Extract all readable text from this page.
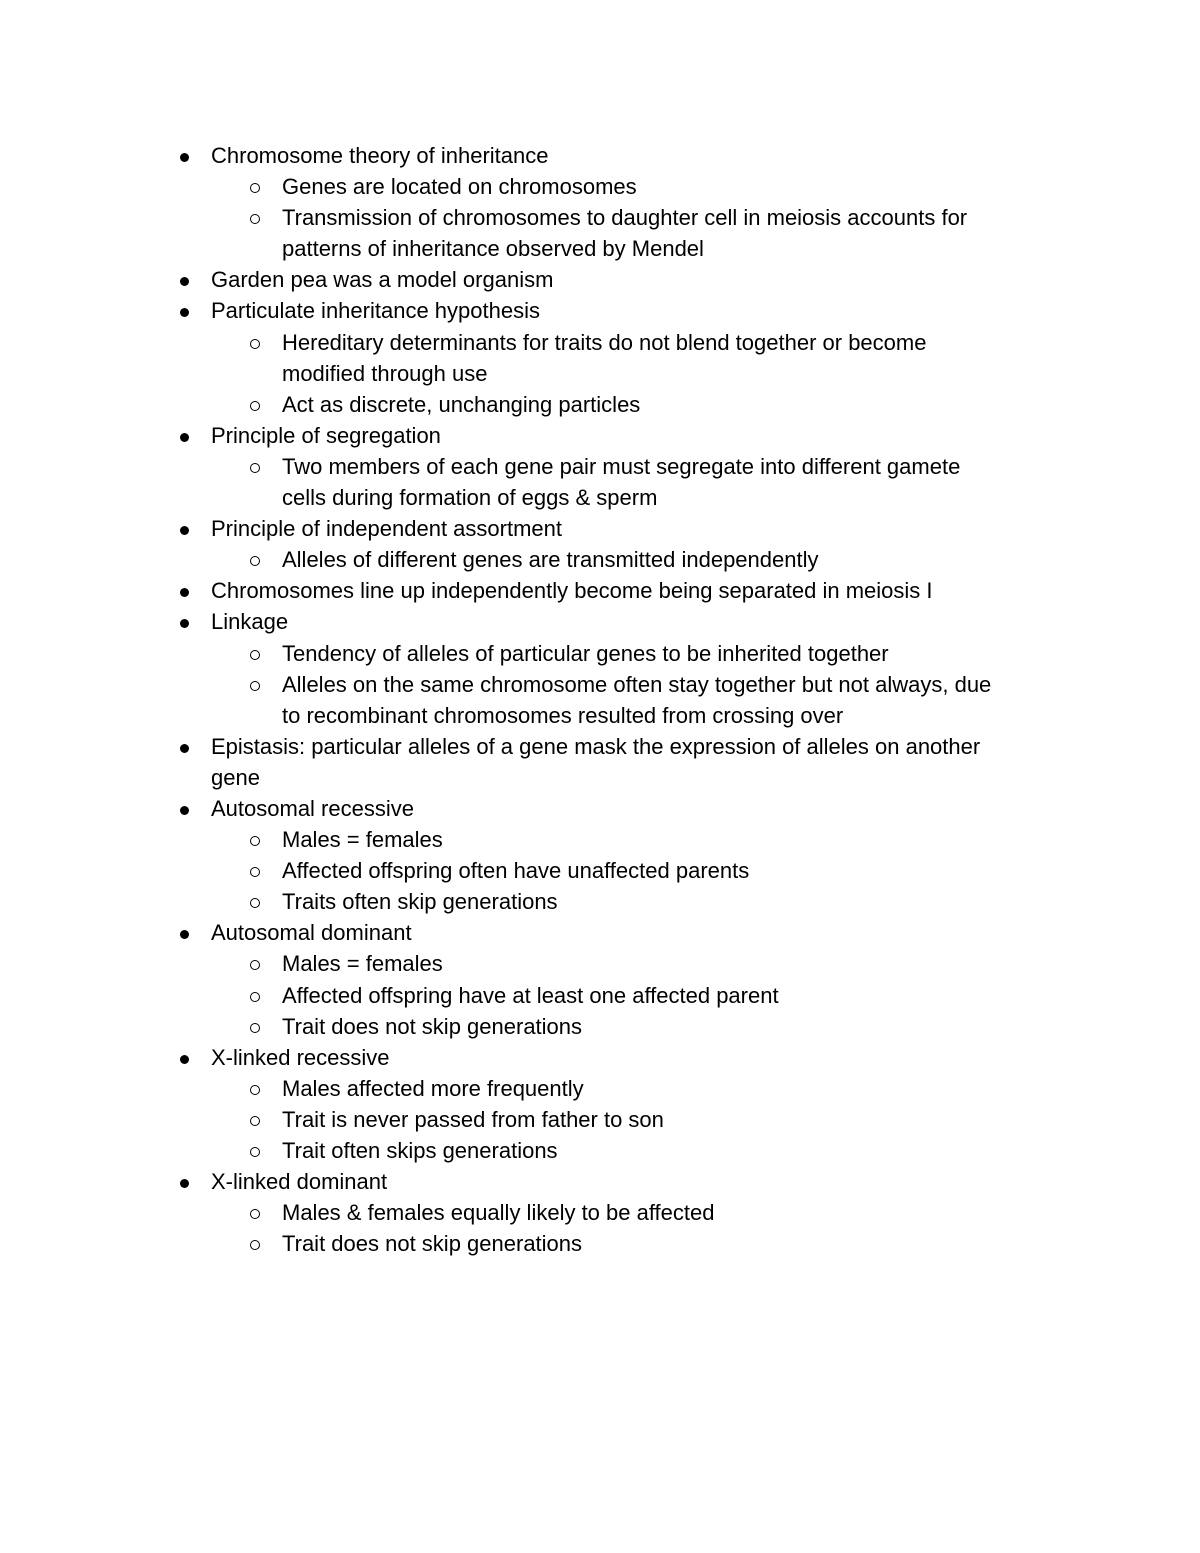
Chromosome theory of inheritance
Genes are located on chromosomes
Transmission of chromosomes to daughter cell in meiosis accounts for
patterns of inheritance observed by Mendel
Garden pea was a model organism
Particulate inheritance hypothesis
Hereditary determinants for traits do not blend together or become
modified through use
Act as discrete, unchanging particles
Principle of segregation
Two members of each gene pair must segregate into different gamete
cells during formation of eggs & sperm
Principle of independent assortment
Alleles of different genes are transmitted independently
Chromosomes line up independently become being separated in meiosis I
Linkage
Tendency of alleles of particular genes to be inherited together
Alleles on the same chromosome often stay together but not always, due
to recombinant chromosomes resulted from crossing over
Epistasis: particular alleles of a gene mask the expression of alleles on another
gene
Autosomal recessive
Males = females
Affected offspring often have unaffected parents
Traits often skip generations
Autosomal dominant
Males = females
Affected offspring have at least one affected parent
Trait does not skip generations
X-linked recessive
Males affected more frequently
Trait is never passed from father to son
Trait often skips generations
X-linked dominant
Males & females equally likely to be affected
Trait does not skip generations
